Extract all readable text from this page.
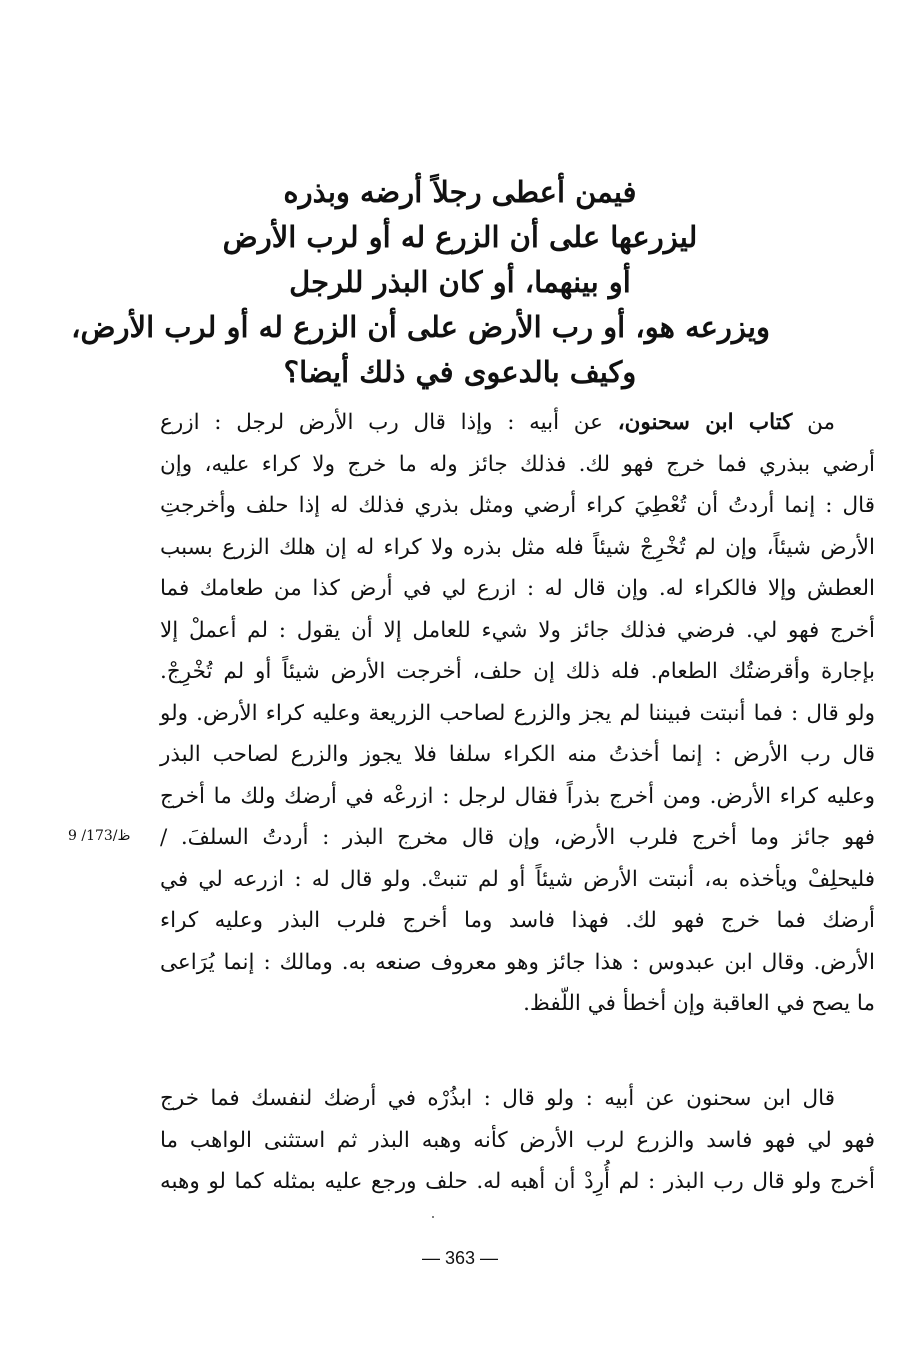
فيمن أعطى رجلاً أرضه وبذره
ليزرعها على أن الزرع له أو لرب الأرض
أو بينهما، أو كان البذر للرجل
ويزرعه هو، أو رب الأرض على أن الزرع له أو لرب الأرض،
وكيف بالدعوى في ذلك أيضا؟
من كتاب ابن سحنون، عن أبيه : وإذا قال رب الأرض لرجل : ازرع
أرضي ببذري فما خرج فهو لك. فذلك جائز وله ما خرج ولا كراء عليه، وإن
قال : إنما أردتُ أن تُعْطِيَ كراء أرضي ومثل بذري فذلك له إذا حلف وأخرجتِ
الأرض شيئاً، وإن لم تُخْرِجْ شيئاً فله مثل بذره ولا كراء له إن هلك الزرع بسبب
العطش وإلا فالكراء له. وإن قال له : ازرع لي في أرض كذا من طعامك فما
أخرج فهو لي. فرضي فذلك جائز ولا شيء للعامل إلا أن يقول : لم أعملْ إلا
بإجارة وأقرضتُك الطعام. فله ذلك إن حلف، أخرجت الأرض شيئاً أو لم تُخْرِجْ.
ولو قال : فما أنبتت فبيننا لم يجز والزرع لصاحب الزريعة وعليه كراء الأرض. ولو
قال رب الأرض : إنما أخذتُ منه الكراء سلفا فلا يجوز والزرع لصاحب البذر
وعليه كراء الأرض. ومن أخرج بذراً فقال لرجل : ازرعْه في أرضك ولك ما أخرج
فهو جائز وما أخرج فلرب الأرض، وإن قال مخرج البذر : أردتُ السلفَ. /
فليحلِفْ ويأخذه به، أنبتت الأرض شيئاً أو لم تنبتْ. ولو قال له : ازرعه لي في
أرضك فما خرج فهو لك. فهذا فاسد وما أخرج فلرب البذر وعليه كراء
الأرض. وقال ابن عبدوس : هذا جائز وهو معروف صنعه به. ومالك : إنما يُرَاعى
ما يصح في العاقبة وإن أخطأ في اللّفظ.
9 /173/ظ
قال ابن سحنون عن أبيه : ولو قال : ابذُرْه في أرضك لنفسك فما خرج
فهو لي فهو فاسد والزرع لرب الأرض كأنه وهبه البذر ثم استثنى الواهب ما
أخرج ولو قال رب البذر : لم أُرِدْ أن أهبه له. حلف ورجع عليه بمثله كما لو وهبه
— 363 —
